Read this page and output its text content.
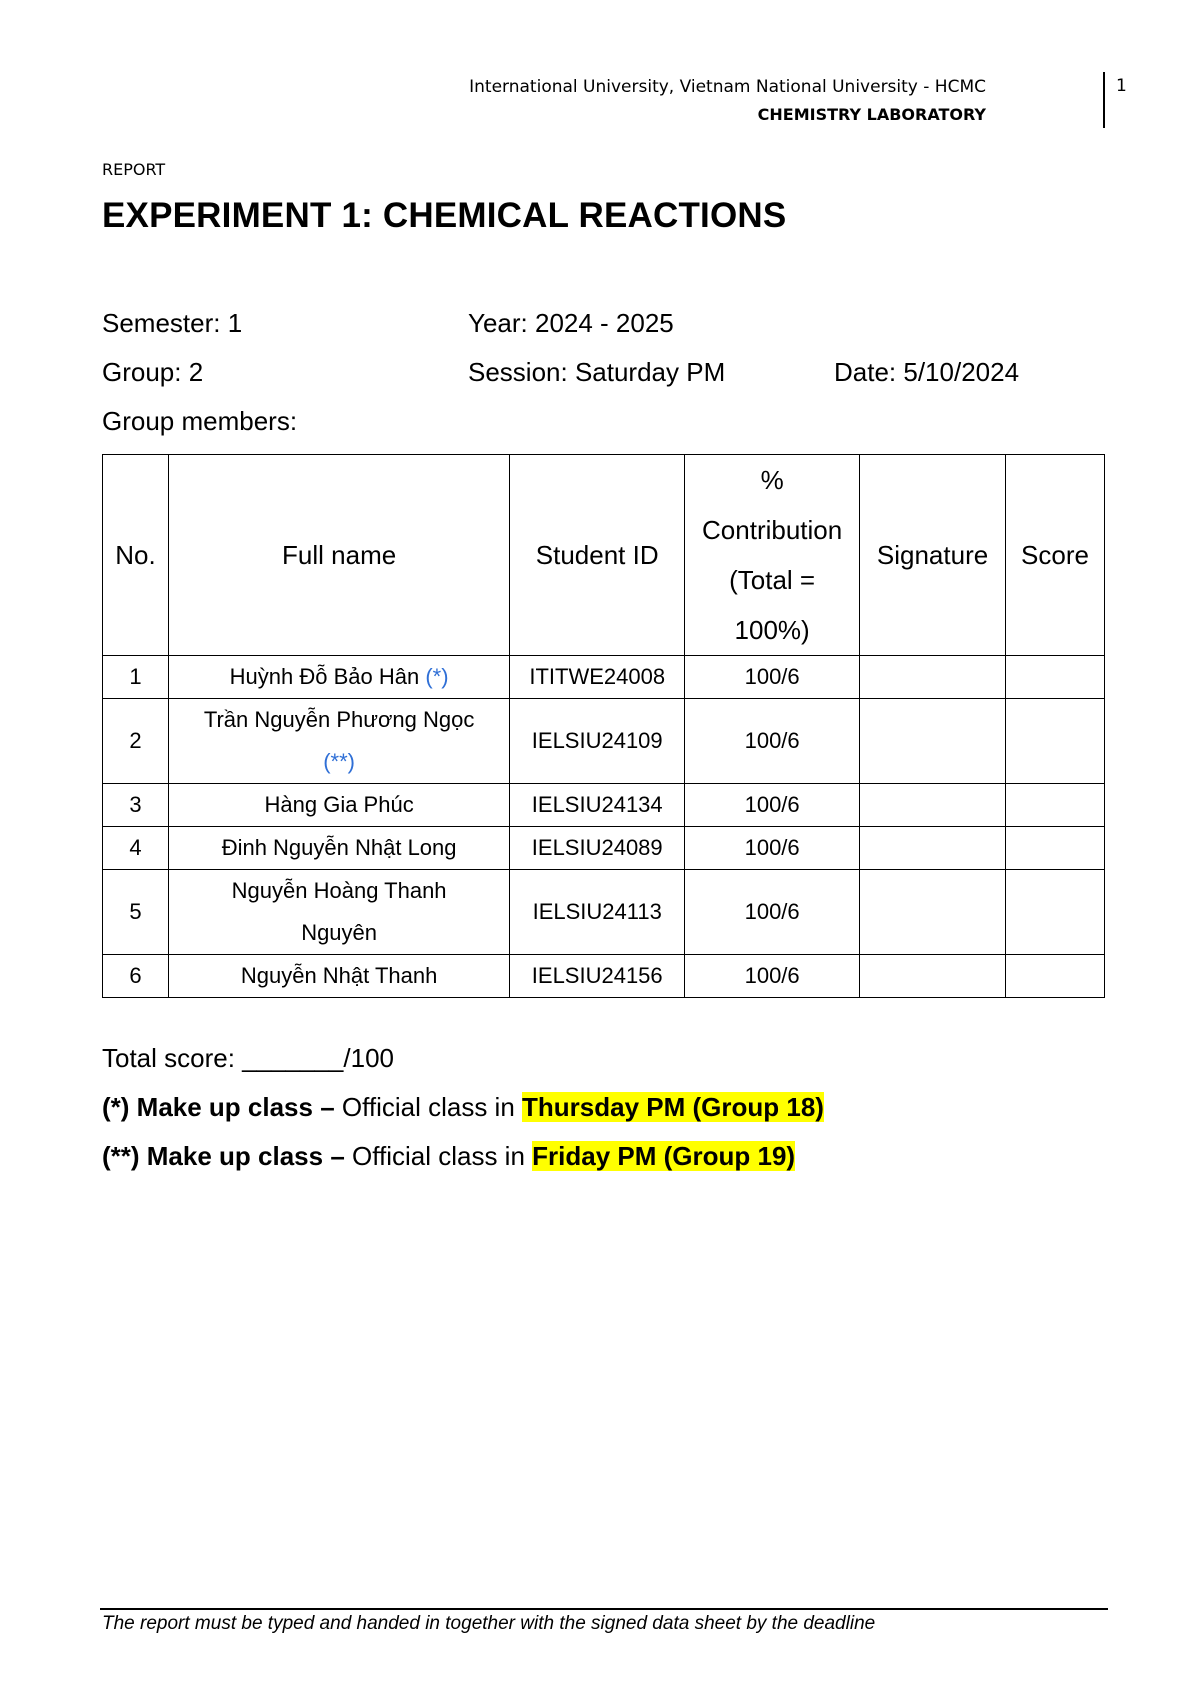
International University, Vietnam National University - HCMC
CHEMISTRY LABORATORY
1
REPORT
EXPERIMENT 1: CHEMICAL REACTIONS
Semester: 1	Year: 2024 - 2025
Group: 2	Session: Saturday PM	Date: 5/10/2024
Group members:
No.	Full name	Student ID	%
Contribution
(Total =
100%)	Signature	Score
1	Huỳnh Đỗ Bảo Hân (*)	ITITWE24008	100/6		
2	Trần Nguyễn Phương Ngọc
(**)	IELSIU24109	100/6		
3	Hàng Gia Phúc	IELSIU24134	100/6		
4	Đinh Nguyễn Nhật Long	IELSIU24089	100/6		
5	Nguyễn Hoàng Thanh
Nguyên	IELSIU24113	100/6		
6	Nguyễn Nhật Thanh	IELSIU24156	100/6		
Total score: _______/100
(*) Make up class – Official class in Thursday PM (Group 18)
(**) Make up class – Official class in Friday PM (Group 19)
The report must be typed and handed in together with the signed data sheet by the deadline
